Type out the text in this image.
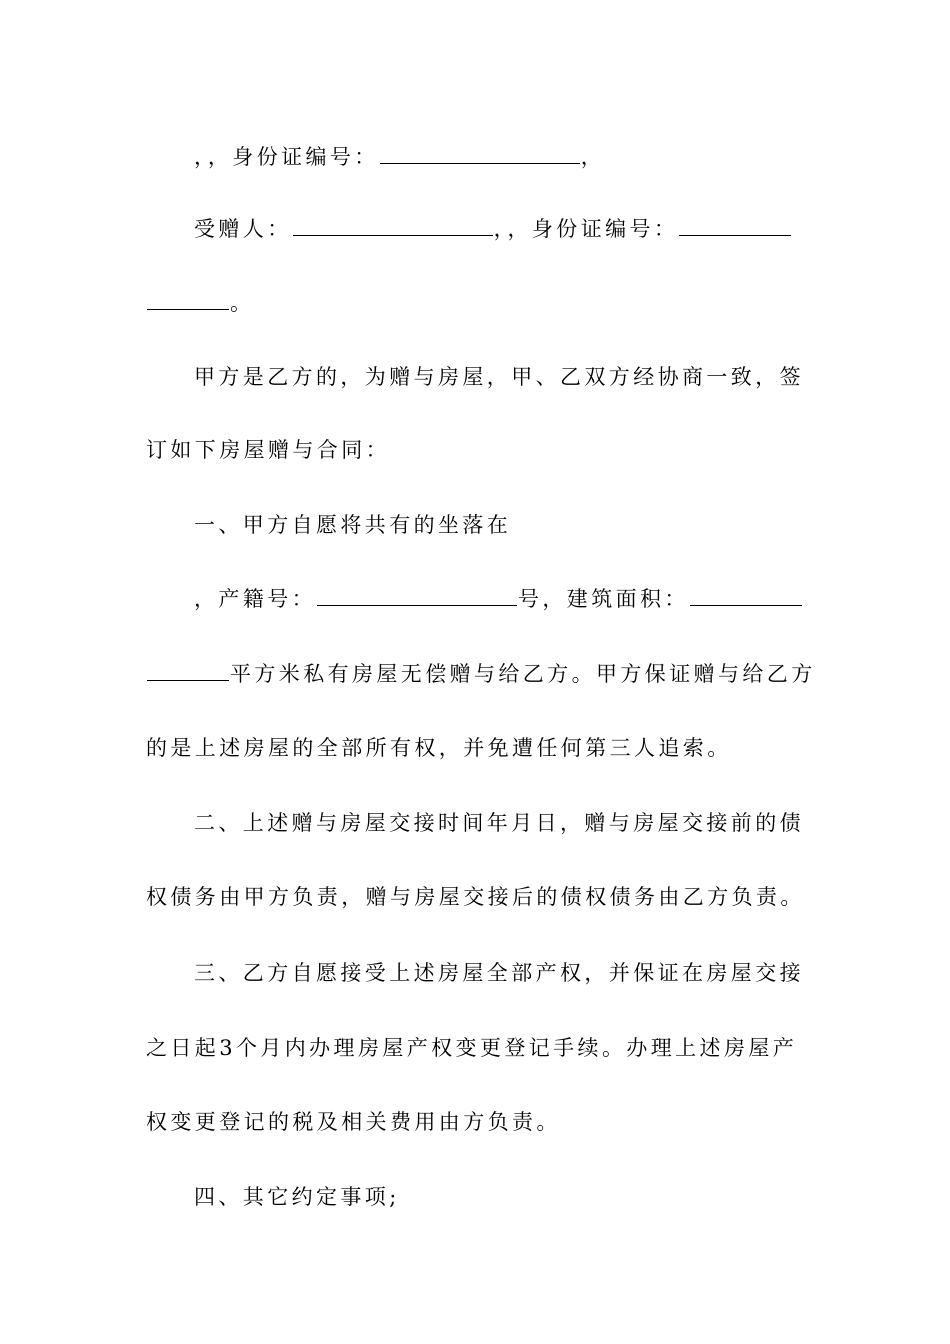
，，身份证编号：	，
受赠人：	，，身份证编号：
。
甲方是乙方的，为赠与房屋，甲、乙双方经协商一致，签
订如下房屋赠与合同：
一、甲方自愿将共有的坐落在
，产籍号：	号，建筑面积：
平方米私有房屋无偿赠与给乙方。甲方保证赠与给乙方
的是上述房屋的全部所有权，并免遭任何第三人追索。
二、上述赠与房屋交接时间年月日，赠与房屋交接前的债
权债务由甲方负责，赠与房屋交接后的债权债务由乙方负责。
三、乙方自愿接受上述房屋全部产权，并保证在房屋交接
之日起3个月内办理房屋产权变更登记手续。办理上述房屋产
权变更登记的税及相关费用由方负责。
四、其它约定事项;
